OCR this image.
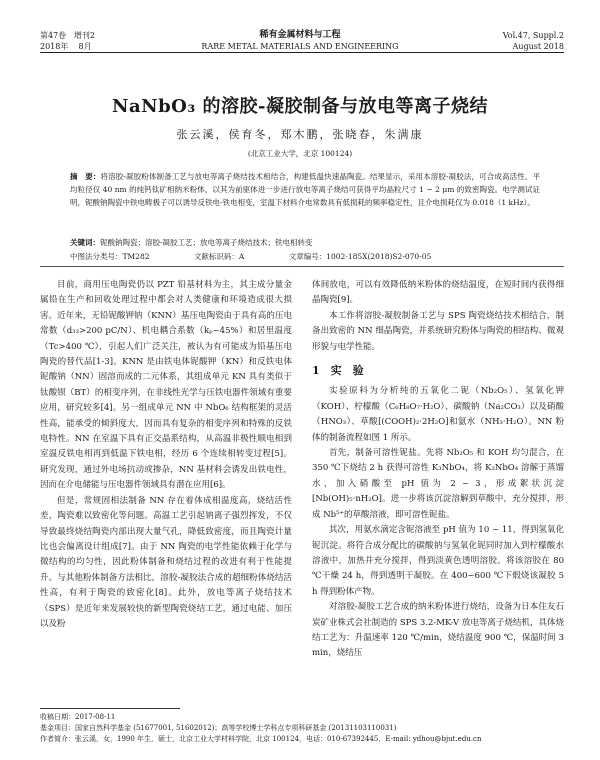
第47卷 增刊2
2018年 8月
稀有金属材料与工程
RARE METAL MATERIALS AND ENGINEERING
Vol.47, Suppl.2
August 2018
NaNbO₃ 的溶胶-凝胶制备与放电等离子烧结
张云溪，侯育冬，郑木鹏，张晓春，朱满康
(北京工业大学，北京 100124)
摘　要：将溶胶-凝胶粉体制备工艺与放电等离子烧结技术相结合，构建低温快速晶陶瓷。结果显示，采用本溶胶-凝胶法，可合成高活性、平均粒径仅 40 nm 的纯钙钛矿相纳米粉体，以其为前驱体进一步进行放电等离子烧结可获得平均晶粒尺寸 1 ~ 2 μm 的致密陶瓷。电学测试证明，铌酸钠陶瓷中铁电畴极子可以诱导反铁电-铁电相变，室温下材料介电常数具有低损耗的频率稳定性，且介电损耗仅为 0.018（1 kHz）。
关键词：铌酸钠陶瓷；溶胶-凝胶工艺；放电等离子烧结技术；铁电相转变
中图法分类号：TM282	文献标识码：A	文章编号：1002-185X(2018)S2-070-05

目前，商用压电陶瓷仍以 PZT 铅基材料为主，其主成分量金属铅在生产和回收处理过程中都会对人类健康和环境造成很大损害。近年来，无铅铌酸钾钠（KNN）基压电陶瓷由于具有高的压电常数（d₃₃>200 pC/N）、机电耦合系数（kₚ~45%）和居里温度（Tc>400 ℃），引起人们广泛关注，被认为有可能成为铅基压电陶瓷的替代品[1-3]。KNN 是由铁电体铌酸钾（KN）和反铁电体铌酸钠（NN）固溶而成的二元体系，其组成单元 KN 具有类似于钛酸钡（BT）的相变序列，在非线性光学与压铁电器件领域有重要应用，研究较多[4]。另一组成单元 NN 中 NbO₆ 结构框架的灵活性高，能承受的倾斜度大，因而具有复杂的相变序列和特殊的反铁电特性。NN 在室温下具有正交晶系结构，从高温非极性顺电相到室温反铁电相再到低温下铁电相，经历 6 个连续相转变过程[5]。研究发现，通过外电场抗动或掺杂，NN 基材料会诱发出铁电性，因而在介电储能与压电器件领域具有潜在应用[6]。

但是，常规固相法制备 NN 存在着体成相温度高，烧结活性差，陶瓷难以致密化等问题。高温工艺引起钠离子强烈挥发，不仅导致最终烧结陶瓷内部出现大量气孔，降低致密度，而且陶瓷计量比也会偏离设计组成[7]。由于 NN 陶瓷的电学性能依赖于化学与微结构的均匀性，因此粉体制备和烧结过程的改进有利于性能提升。与其他粉体制备方法相比，溶胶-凝胶法合成的超细粉体烧结活性高，有利于陶瓷的致密化[8]。此外，放电等离子烧结技术（SPS）是近年来发展较快的新型陶瓷烧结工艺，通过电能、加压以及粉

体间放电，可以有效降低纳米粉体的烧结温度，在短时间内获得细晶陶瓷[9]。

本工作将溶胶-凝胶制备工艺与 SPS 陶瓷烧结技术相结合，制备出致密的 NN 细晶陶瓷，并系统研究粉体与陶瓷的相结构、微观形貌与电学性能。

1　实　验

实验原料为分析纯的五氧化二铌（Nb₂O₅）、氢氧化钾（KOH）、柠檬酸（C₆H₈O₇·H₂O）、碳酸钠（Na₂CO₃）以及硝酸（HNO₃）、草酸[(COOH)₂·2H₂O]和氨水（NH₃·H₂O）。NN 粉体的制备流程如图 1 所示。

首先，制备可溶性铌盐。先将 Nb₂O₅ 和 KOH 均匀混合，在 350 ℃下烧结 2 h 获得可溶性 K₃NbO₄，将 K₃NbO₄ 溶解于蒸馏水，加入硝酸至 pH 值为 2 ~ 3，形成絮状沉淀[Nb(OH)₅·nH₂O]。进一步将该沉淀溶解到草酸中，充分搅拌，形成 Nb⁵⁺的草酸溶液，即可溶性铌盐。

其次，用氨水滴定含铌溶液至 pH 值为 10 ~ 11，得到氢氧化铌沉淀。将符合成分配比的碳酸钠与氢氧化铌同时加入到柠檬酸水溶液中，加热并充分搅拌，得到淡黄色透明溶胶。将该溶胶在 80 ℃干燥 24 h，得到透明干凝胶。在 400~600 ℃下煅烧该凝胶 5 h 得到粉体产物。

对溶胶-凝胶工艺合成的纳米粉体进行烧结，设备为日本住友石炭矿业株式会社制造的 SPS 3.2-MK-V 放电等离子烧结机，具体烧结工艺为：升温速率 120 ℃/min，烧结温度 900 ℃，保温时间 3 min，烧结压

收稿日期：2017-08-11
基金项目：国家自然科学基金 (51677001, 51602012)；高等学校博士学科点专项科研基金 (20131103110031)
作者简介：张云溪，女，1990 年生，硕士，北京工业大学材料学院，北京 100124，电话：010-67392445，E-mail: ydhou@bjut.edu.cn
